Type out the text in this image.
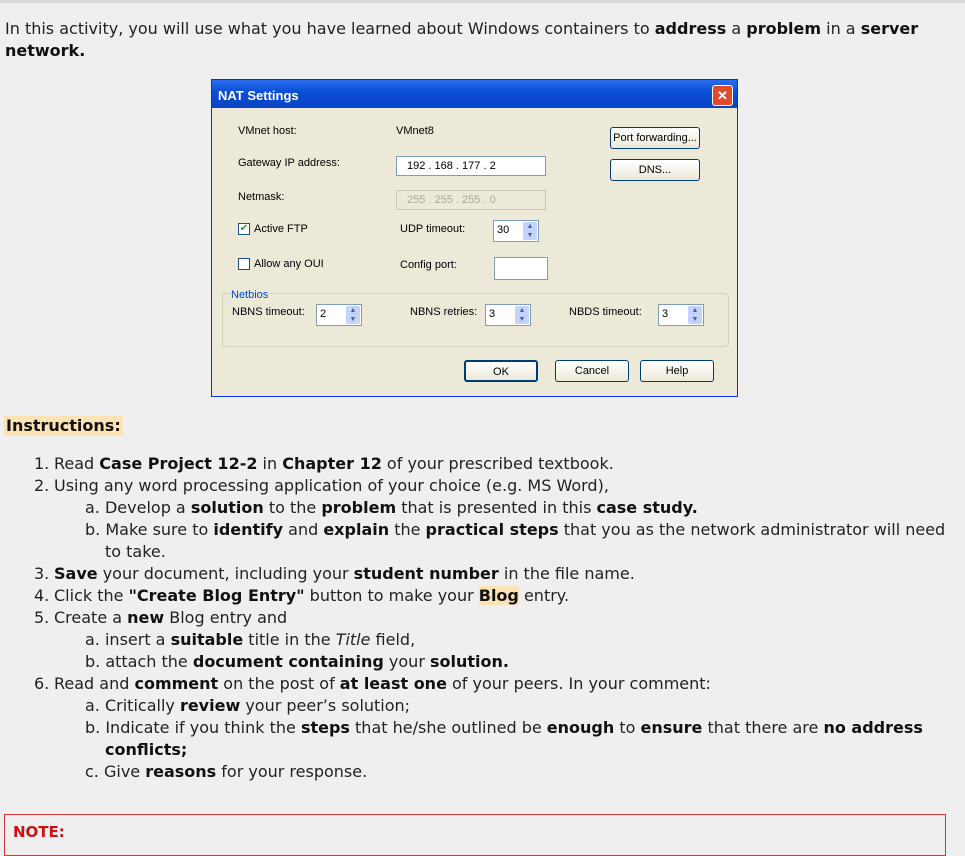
In this activity, you will use what you have learned about Windows containers to address a problem in a server network.
NAT Settings	✕
VMnet host:	VMnet8
Gateway IP address:	192 . 168 . 177 . 2
Netmask:	255 . 255 . 255 . 0
✔ Active FTP
Allow any OUI
UDP timeout:	30	▲
▼
Config port:
Port forwarding...
DNS...
Netbios
NBNS timeout: 2	▲
▼
NBNS retries: 3	▲
▼
NBDS timeout: 3	▲
▼
OK	Cancel	Help
Instructions:
1. Read Case Project 12-2 in Chapter 12 of your prescribed textbook.
2. Using any word processing application of your choice (e.g. MS Word),
a. Develop a solution to the problem that is presented in this case study.
b. Make sure to identify and explain the practical steps that you as the network administrator will need to take.
3. Save your document, including your student number in the file name.
4. Click the "Create Blog Entry" button to make your Blog entry.
5. Create a new Blog entry and
a. insert a suitable title in the Title field,
b. attach the document containing your solution.
6. Read and comment on the post of at least one of your peers. In your comment:
a. Critically review your peer’s solution;
b. Indicate if you think the steps that he/she outlined be enough to ensure that there are no address conflicts;
c. Give reasons for your response.
NOTE:
